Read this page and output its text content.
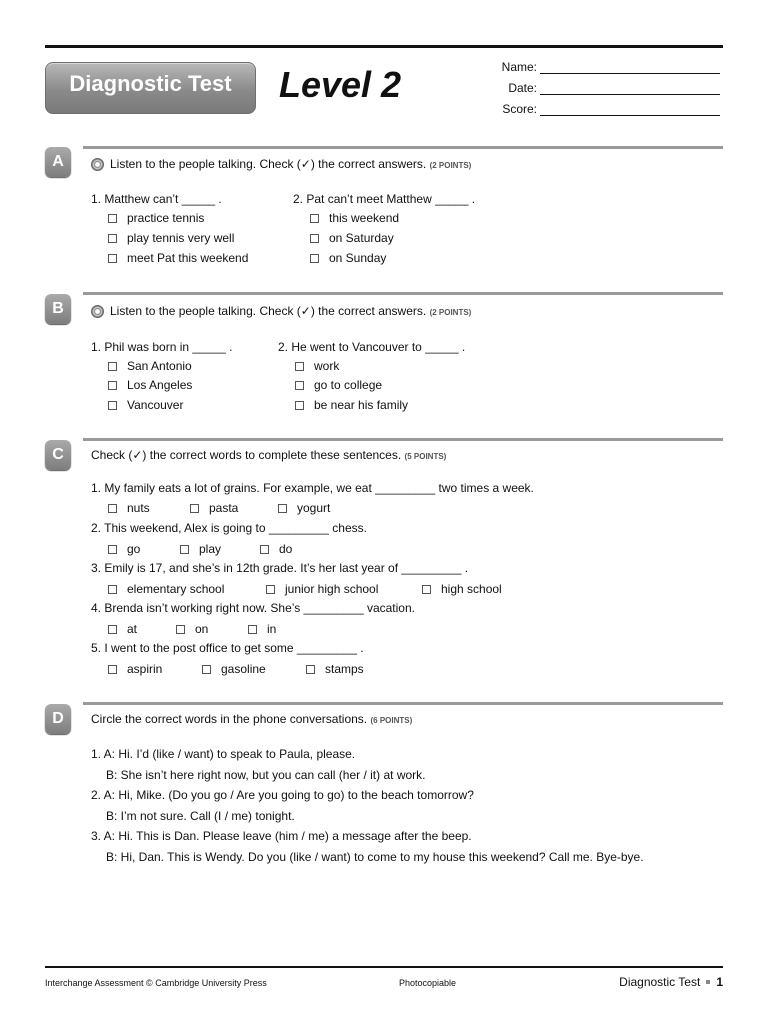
Diagnostic Test	Level 2	Name:
Date:
Score:
A	Listen to the people talking. Check (✓) the correct answers. (2 POINTS)
1. Matthew can’t _____ .
practice tennis
play tennis very well
meet Pat this weekend
2. Pat can’t meet Matthew _____ .
this weekend
on Saturday
on Sunday
B	Listen to the people talking. Check (✓) the correct answers. (2 POINTS)
1. Phil was born in _____ .
San Antonio
Los Angeles
Vancouver
2. He went to Vancouver to _____ .
work
go to college
be near his family
C	Check (✓) the correct words to complete these sentences. (5 POINTS)
1. My family eats a lot of grains. For example, we eat _________ two times a week.
nuts	pasta	yogurt
2. This weekend, Alex is going to _________ chess.
go	play	do
3. Emily is 17, and she’s in 12th grade. It’s her last year of _________ .
elementary school	junior high school	high school
4. Brenda isn’t working right now. She’s _________ vacation.
at	on	in
5. I went to the post office to get some _________ .
aspirin	gasoline	stamps
D	Circle the correct words in the phone conversations. (6 POINTS)
1. A: Hi. I’d (like / want) to speak to Paula, please.
B: She isn’t here right now, but you can call (her / it) at work.
2. A: Hi, Mike. (Do you go / Are you going to go) to the beach tomorrow?
B: I’m not sure. Call (I / me) tonight.
3. A: Hi. This is Dan. Please leave (him / me) a message after the beep.
B: Hi, Dan. This is Wendy. Do you (like / want) to come to my house this weekend? Call me. Bye-bye.
Interchange Assessment © Cambridge University Press	Photocopiable	Diagnostic Test 1
